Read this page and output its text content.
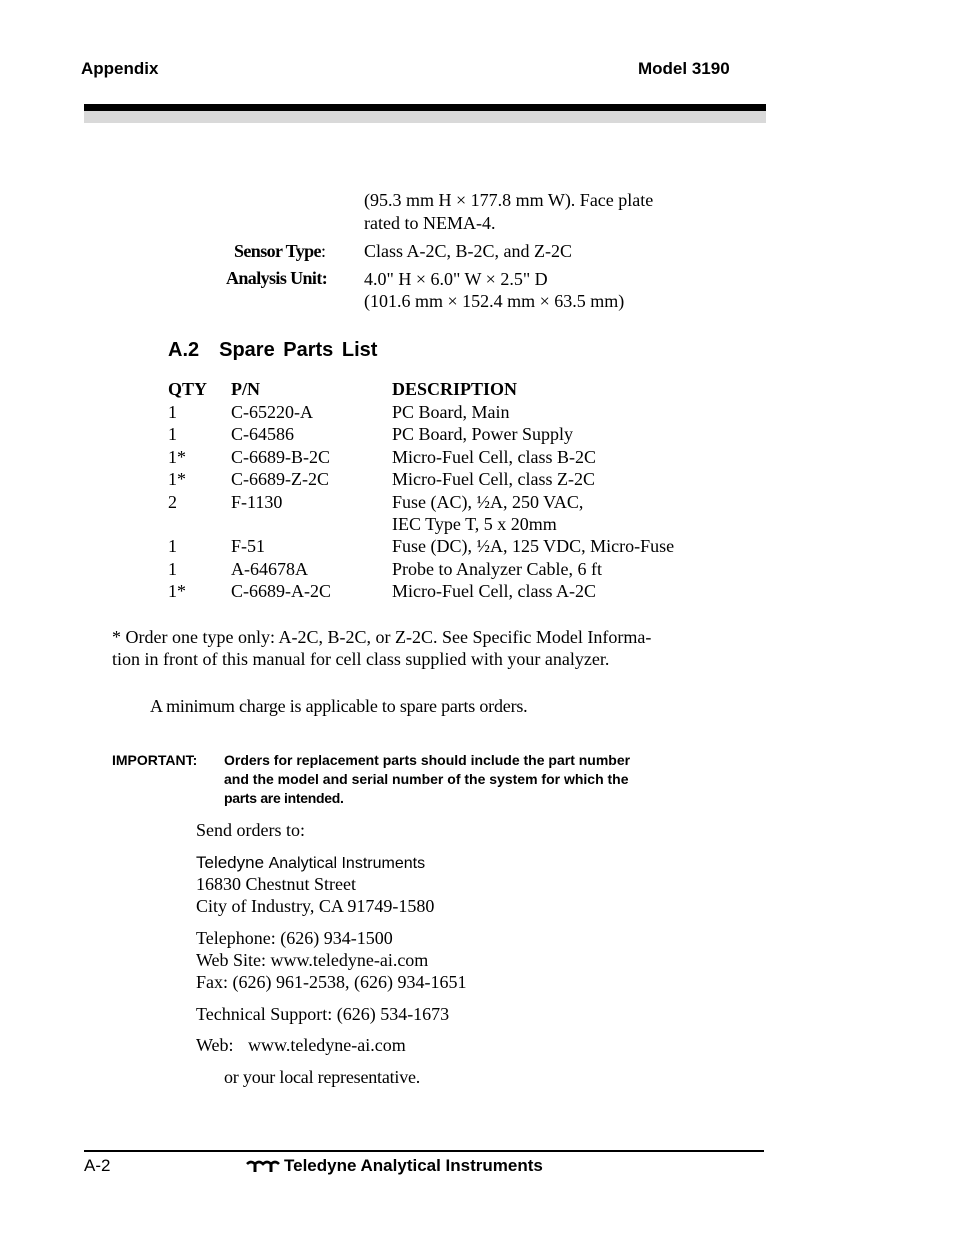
Appendix	Model 3190
(95.3 mm H × 177.8 mm W). Face plate
rated to NEMA-4.
Sensor Type: Class A-2C, B-2C, and Z-2C
Analysis Unit: 4.0" H × 6.0" W × 2.5" D
(101.6 mm × 152.4 mm × 63.5 mm)
A.2 Spare Parts List
QTY P/N	DESCRIPTION
1	C-65220-A	PC Board, Main
1	C-64586	PC Board, Power Supply
1*	C-6689-B-2C	Micro-Fuel Cell, class B-2C
1*	C-6689-Z-2C	Micro-Fuel Cell, class Z-2C
2	F-1130	Fuse (AC), ½A, 250 VAC,
IEC Type T, 5 x 20mm
1	F-51	Fuse (DC), ½A, 125 VDC, Micro-Fuse
1	A-64678A	Probe to Analyzer Cable, 6 ft
1*	C-6689-A-2C	Micro-Fuel Cell, class A-2C
* Order one type only: A-2C, B-2C, or Z-2C. See Specific Model Informa-
tion in front of this manual for cell class supplied with your analyzer.
A minimum charge is applicable to spare parts orders.
IMPORTANT: Orders for replacement parts should include the part number
and the model and serial number of the system for which the
parts are intended.
Send orders to:
Teledyne Analytical Instruments
16830 Chestnut Street
City of Industry, CA 91749-1580
Telephone: (626) 934-1500
Web Site: www.teledyne-ai.com
Fax: (626) 961-2538, (626) 934-1651
Technical Support: (626) 534-1673
Web: www.teledyne-ai.com
or your local representative.
A-2	Teledyne Analytical Instruments
